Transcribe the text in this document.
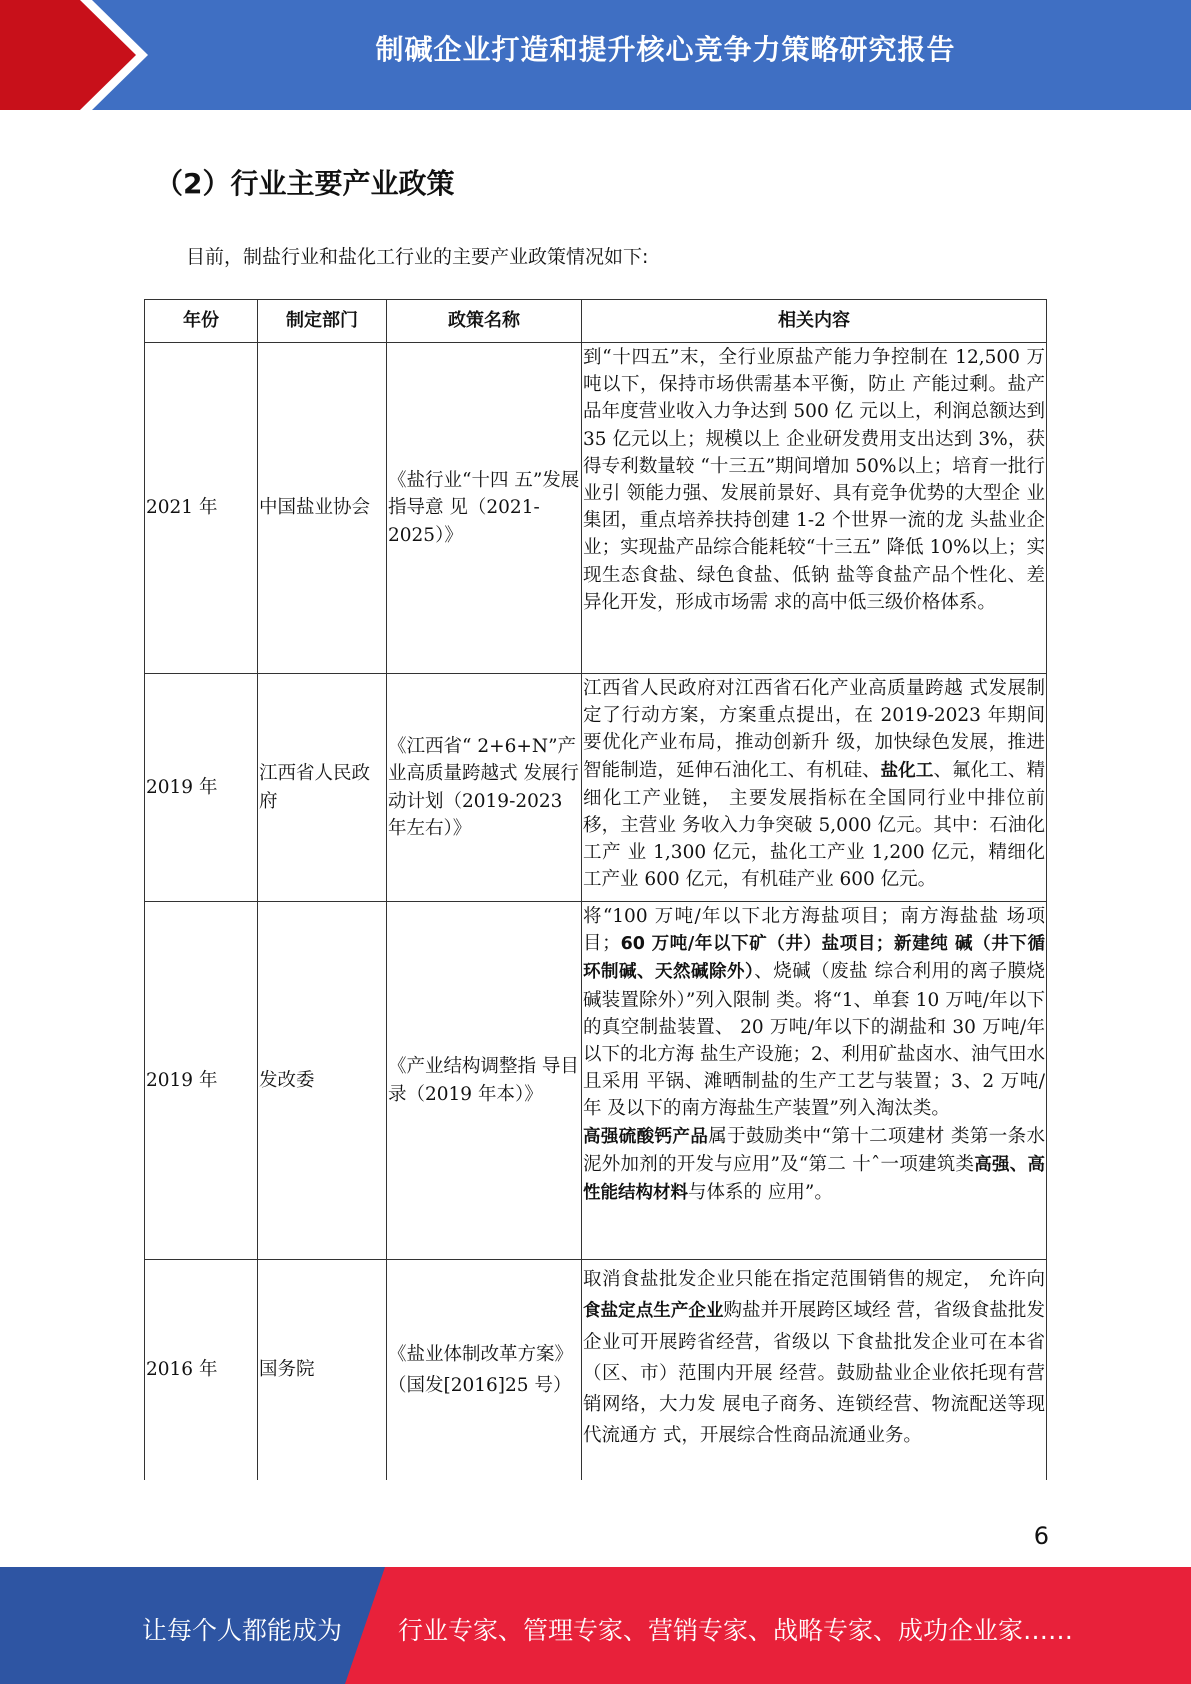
制碱企业打造和提升核心竞争力策略研究报告
（2）行业主要产业政策
目前，制盐行业和盐化工行业的主要产业政策情况如下:
年份	制定部门	政策名称	相关内容
2021 年	中国盐业协会	《盐行业“十四 五”发展指导意 见（2021-2025）》	到“十四五”末，全行业原盐产能力争控制在 12,500 万吨以下，保持市场供需基本平衡，防止 产能过剩。盐产品年度营业收入力争达到 500 亿 元以上，利润总额达到 35 亿元以上；规模以上 企业研发费用支出达到 3%，获得专利数量较 “十三五”期间增加 50%以上；培育一批行业引 领能力强、发展前景好、具有竞争优势的大型企 业集团，重点培养扶持创建 1-2 个世界一流的龙 头盐业企业；实现盐产品综合能耗较“十三五” 降低 10%以上；实现生态食盐、绿色食盐、低钠 盐等食盐产品个性化、差异化开发，形成市场需 求的高中低三级价格体系。
2019 年	江西省人民政府	《江西省“ 2+6+N”产业高质量跨越式 发展行动计划（2019-2023 年左右）》	江西省人民政府对江西省石化产业高质量跨越 式发展制定了行动方案，方案重点提出，在 2019-2023 年期间要优化产业布局，推动创新升 级，加快绿色发展，推进智能制造，延伸石油化工、有机硅、盐化工、氟化工、精细化工产业链， 主要发展指标在全国同行业中排位前移，主营业 务收入力争突破 5,000 亿元。其中：石油化工产 业 1,300 亿元，盐化工产业 1,200 亿元，精细化 工产业 600 亿元，有机硅产业 600 亿元。
2019 年	发改委	《产业结构调整指 导目录（2019 年本）》	将“100 万吨/年以下北方海盐项目；南方海盐盐 场项目；60 万吨/年以下矿（井）盐项目；新建纯 碱（井下循环制碱、天然碱除外）、烧碱（废盐 综合利用的离子膜烧碱装置除外）”列入限制 类。将“1、单套 10 万吨/年以下的真空制盐装置、 20 万吨/年以下的湖盐和 30 万吨/年以下的北方海 盐生产设施；2、利用矿盐卤水、油气田水且采用 平锅、滩晒制盐的生产工艺与装置；3、2 万吨/年 及以下的南方海盐生产装置”列入淘汰类。
高强硫酸钙产品属于鼓励类中“第十二项建材 类第一条水泥外加剂的开发与应用”及“第二 十ˆ一项建筑类高强、高性能结构材料与体系的 应用”。
2016 年	国务院	《盐业体制改革方案》（国发[2016]25 号）	取消食盐批发企业只能在指定范围销售的规定， 允许向食盐定点生产企业购盐并开展跨区域经 营，省级食盐批发企业可开展跨省经营，省级以 下食盐批发企业可在本省（区、市）范围内开展 经营。鼓励盐业企业依托现有营销网络，大力发 展电子商务、连锁经营、物流配送等现代流通方 式，开展综合性商品流通业务。
6
让每个人都能成为 行业专家、管理专家、营销专家、战略专家、成功企业家……
